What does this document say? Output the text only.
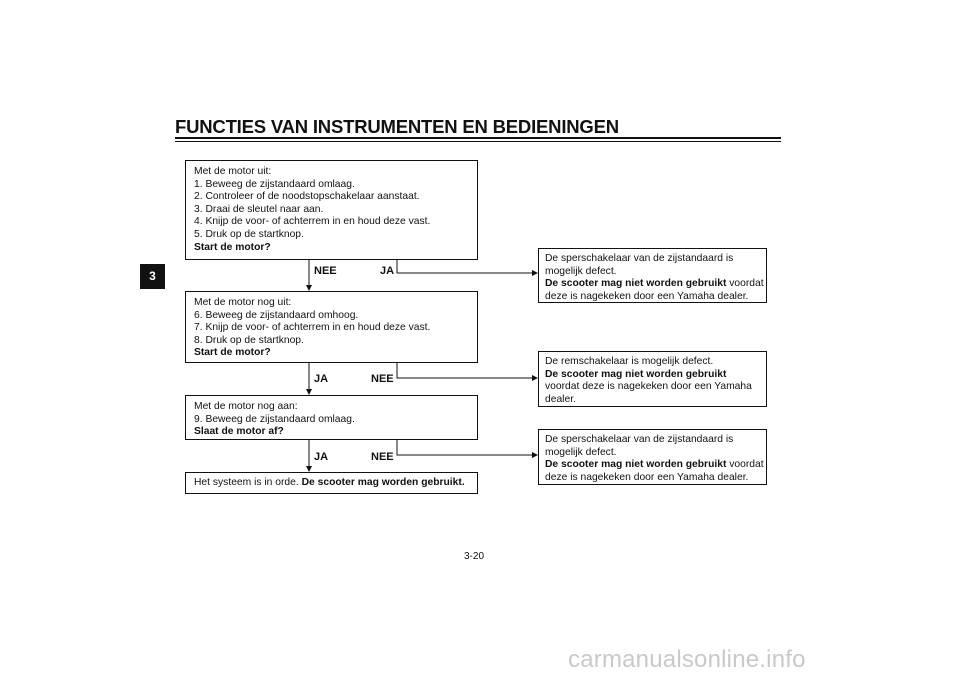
FUNCTIES VAN INSTRUMENTEN EN BEDIENINGEN
3
Met de motor uit:
1. Beweeg de zijstandaard omlaag.
2. Controleer of de noodstopschakelaar aanstaat.
3. Draai de sleutel naar aan.
4. Knijp de voor- of achterrem in en houd deze vast.
5. Druk op de startknop.
Start de motor?
NEE	JA
Met de motor nog uit:
6. Beweeg de zijstandaard omhoog.
7. Knijp de voor- of achterrem in en houd deze vast.
8. Druk op de startknop.
Start de motor?
JA	NEE
Met de motor nog aan:
9. Beweeg de zijstandaard omlaag.
Slaat de motor af?
JA	NEE
Het systeem is in orde. De scooter mag worden gebruikt.
De sperschakelaar van de zijstandaard is
mogelijk defect.
De scooter mag niet worden gebruikt voordat
deze is nagekeken door een Yamaha dealer.
De remschakelaar is mogelijk defect.
De scooter mag niet worden gebruikt
voordat deze is nagekeken door een Yamaha
dealer.
De sperschakelaar van de zijstandaard is
mogelijk defect.
De scooter mag niet worden gebruikt voordat
deze is nagekeken door een Yamaha dealer.
3-20
carmanualsonline.info
